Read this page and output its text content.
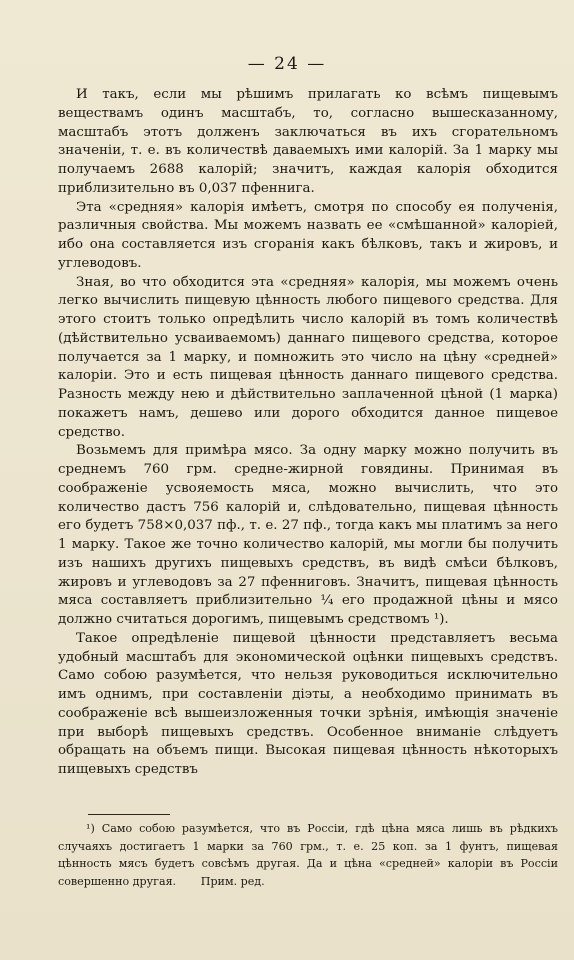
— 24 —

И такъ, если мы рѣшимъ прилагать ко всѣмъ пищевымъ веществамъ одинъ масштабъ, то, согласно вышесказанному, масштабъ этотъ долженъ заключаться въ ихъ сгорательномъ значеніи, т. е. въ количествѣ даваемыхъ ими калорій. За 1 марку мы получаемъ 2688 калорій; значитъ, каждая калорія обходится приблизительно въ 0,037 пфеннига.

Эта «средняя» калорія имѣетъ, смотря по способу ея полученія, различныя свойства. Мы можемъ назвать ее «смѣшанной» калоріей, ибо она составляется изъ сгоранія какъ бѣлковъ, такъ и жировъ, и углеводовъ.

Зная, во что обходится эта «средняя» калорія, мы можемъ очень легко вычислить пищевую цѣнность любого пищевого средства. Для этого стоитъ только опредѣлить число калорій въ томъ количествѣ (дѣйствительно усваиваемомъ) даннаго пищевого средства, которое получается за 1 марку, и помножить это число на цѣну «средней» калоріи. Это и есть пищевая цѣнность даннаго пищевого средства. Разность между нею и дѣйствительно заплаченной цѣной (1 марка) покажетъ намъ, дешево или дорого обходится данное пищевое средство.

Возьмемъ для примѣра мясо. За одну марку можно получить въ среднемъ 760 грм. средне-жирной говядины. Принимая въ соображеніе усвояемость мяса, можно вычислить, что это количество дастъ 756 калорій и, слѣдовательно, пищевая цѣнность его будетъ 758×0,037 пф., т. е. 27 пф., тогда какъ мы платимъ за него 1 марку. Такое же точно количество калорій, мы могли бы получить изъ нашихъ другихъ пищевыхъ средствъ, въ видѣ смѣси бѣлковъ, жировъ и углеводовъ за 27 пфенниговъ. Значитъ, пищевая цѣнность мяса составляетъ приблизительно ¼ его продажной цѣны и мясо должно считаться дорогимъ, пищевымъ средствомъ ¹).

Такое опредѣленіе пищевой цѣнности представляетъ весьма удобный масштабъ для экономической оцѣнки пищевыхъ средствъ. Само собою разумѣется, что нельзя руководиться исключительно имъ однимъ, при составленіи діэты, а необходимо принимать въ соображеніе всѣ вышеизложенныя точки зрѣнія, имѣющія значеніе при выборѣ пищевыхъ средствъ. Особенное вниманіе слѣдуетъ обращать на объемъ пищи. Высокая пищевая цѣнность нѣкоторыхъ пищевыхъ средствъ

¹) Само собою разумѣется, что въ Россіи, гдѣ цѣна мяса лишь въ рѣдкихъ случаяхъ достигаетъ 1 марки за 760 грм., т. е. 25 коп. за 1 фунтъ, пищевая цѣнность мясъ будетъ совсѣмъ другая. Да и цѣна «средней» калоріи въ Россіи совершенно другая.       Прим. ред.
